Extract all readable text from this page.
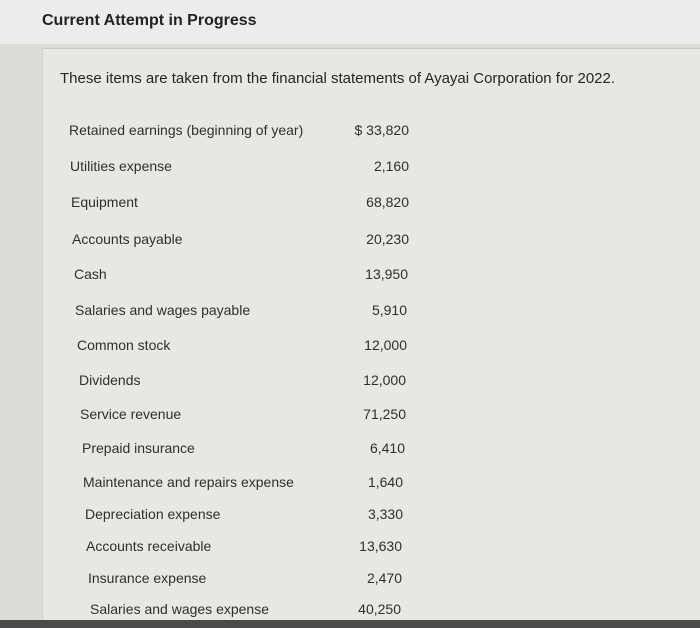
Current Attempt in Progress
These items are taken from the financial statements of Ayayai Corporation for 2022.
Retained earnings (beginning of year)	$ 33,820
Utilities expense	2,160
Equipment	68,820
Accounts payable	20,230
Cash	13,950
Salaries and wages payable	5,910
Common stock	12,000
Dividends	12,000
Service revenue	71,250
Prepaid insurance	6,410
Maintenance and repairs expense	1,640
Depreciation expense	3,330
Accounts receivable	13,630
Insurance expense	2,470
Salaries and wages expense	40,250
